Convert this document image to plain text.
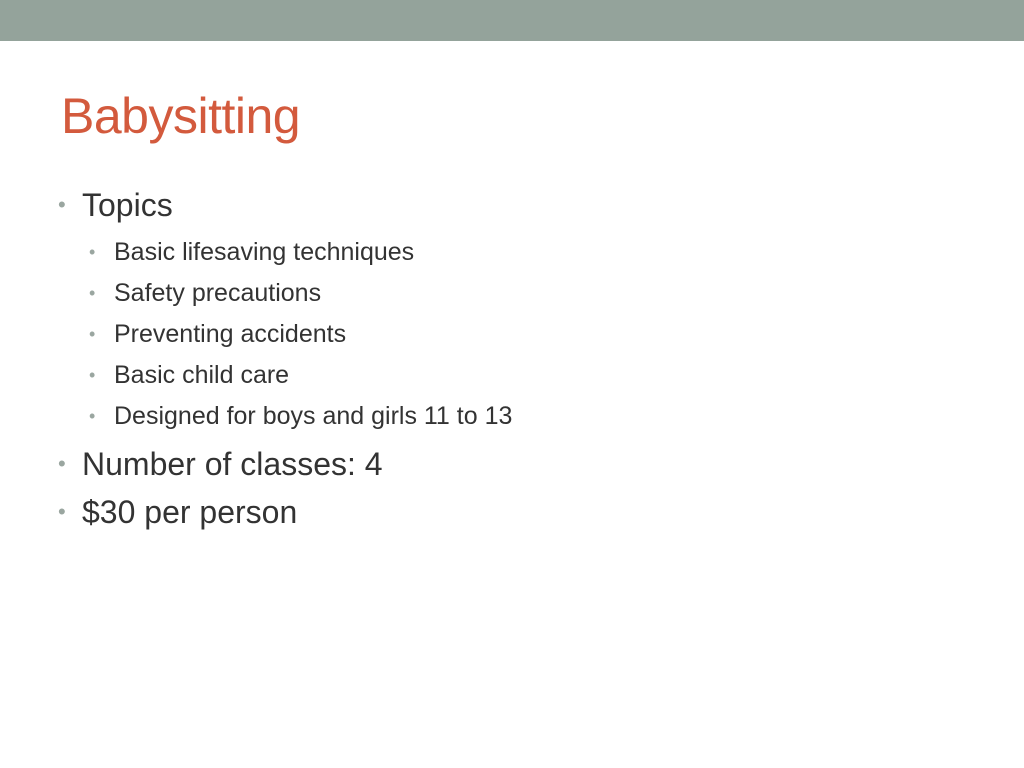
Babysitting
• Topics
• Basic lifesaving techniques
• Safety precautions
• Preventing accidents
• Basic child care
• Designed for boys and girls 11 to 13
• Number of classes: 4
• $30 per person
